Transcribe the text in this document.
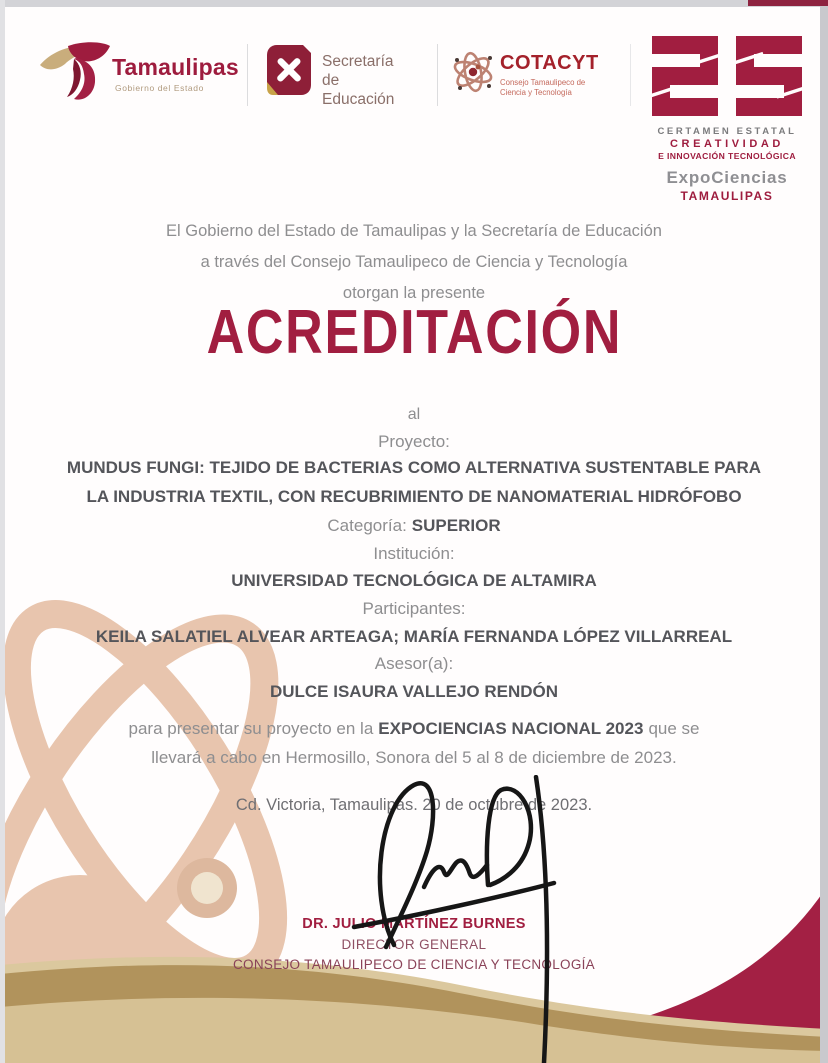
Tamaulipas
Gobierno del Estado
Secretaría
de Educación
COTACYT
Consejo Tamaulipeco de
Ciencia y Tecnología
CERTAMEN ESTATAL
CREATIVIDAD
E INNOVACIÓN TECNOLÓGICA
ExpoCiencias
TAMAULIPAS
El Gobierno del Estado de Tamaulipas y la Secretaría de Educación
a través del Consejo Tamaulipeco de Ciencia y Tecnología
otorgan la presente
ACREDITACIÓN
al
Proyecto:
MUNDUS FUNGI: TEJIDO DE BACTERIAS COMO ALTERNATIVA SUSTENTABLE PARA
LA INDUSTRIA TEXTIL, CON RECUBRIMIENTO DE NANOMATERIAL HIDRÓFOBO
Categoría: SUPERIOR
Institución:
UNIVERSIDAD TECNOLÓGICA DE ALTAMIRA
Participantes:
KEILA SALATIEL ALVEAR ARTEAGA; MARÍA FERNANDA LÓPEZ VILLARREAL
Asesor(a):
DULCE ISAURA VALLEJO RENDÓN
para presentar su proyecto en la EXPOCIENCIAS NACIONAL 2023 que se
llevará a cabo en Hermosillo, Sonora del 5 al 8 de diciembre de 2023.
Cd. Victoria, Tamaulipas. 20 de octubre de 2023.
DR. JULIO MARTÍNEZ BURNES
DIRECTOR GENERAL
CONSEJO TAMAULIPECO DE CIENCIA Y TECNOLOGÍA
